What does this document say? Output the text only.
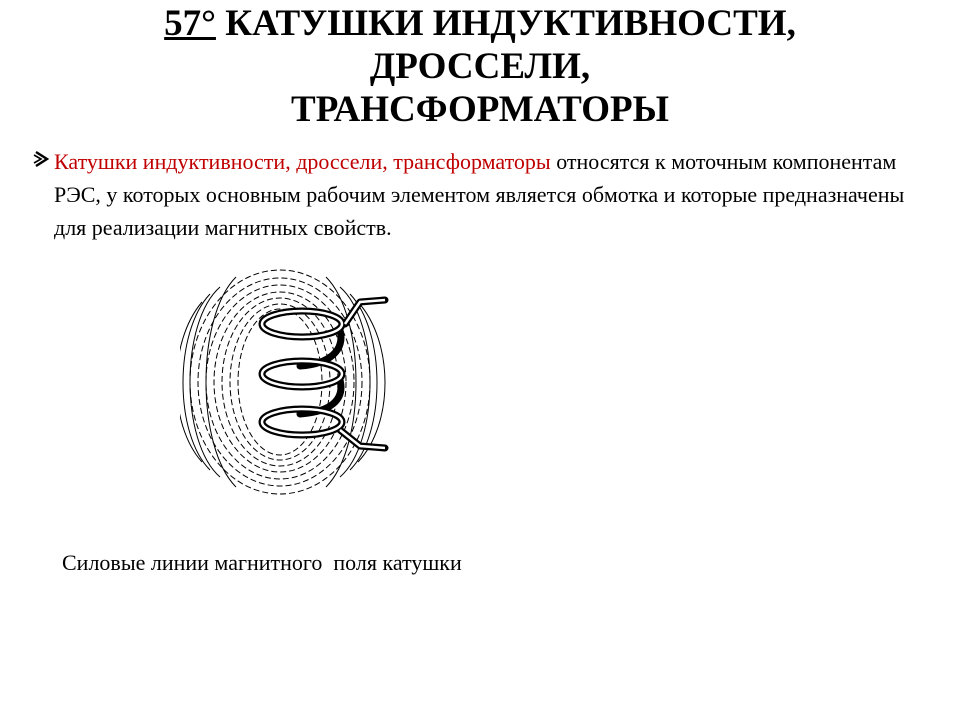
57° КАТУШКИ ИНДУКТИВНОСТИ,
ДРОССЕЛИ,
ТРАНСФОРМАТОРЫ
Катушки индуктивности, дроссели, трансформаторы относятся к моточным компонентам РЭС, у которых основным рабочим элементом является обмотка и которые предназначены для реализации магнитных свойств.
Силовые линии магнитного  поля катушки
